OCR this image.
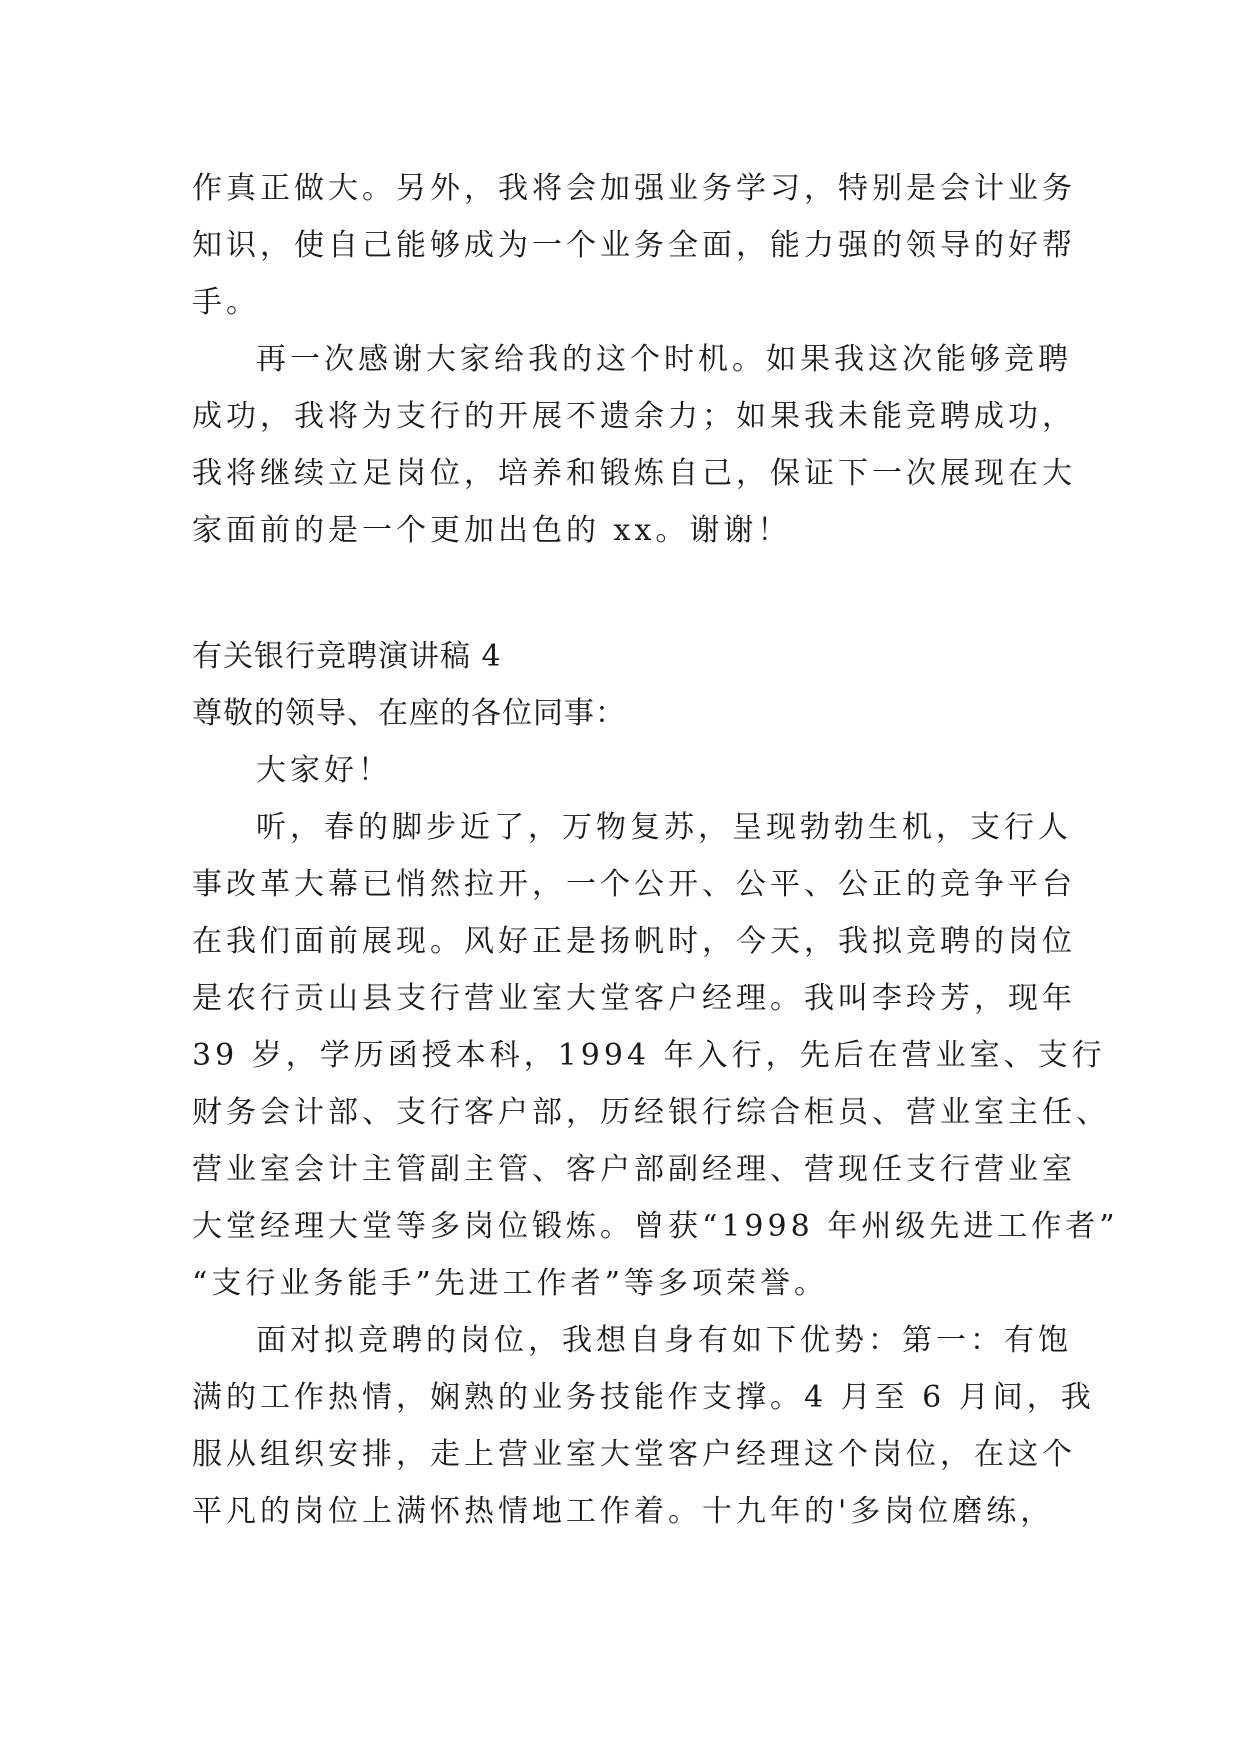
作真正做大。另外，我将会加强业务学习，特别是会计业务
知识，使自己能够成为一个业务全面，能力强的领导的好帮
手。
再一次感谢大家给我的这个时机。如果我这次能够竞聘
成功，我将为支行的开展不遗余力；如果我未能竞聘成功，
我将继续立足岗位，培养和锻炼自己，保证下一次展现在大
家面前的是一个更加出色的 xx。谢谢！
有关银行竞聘演讲稿 4
尊敬的领导、在座的各位同事：
大家好！
听，春的脚步近了，万物复苏，呈现勃勃生机，支行人
事改革大幕已悄然拉开，一个公开、公平、公正的竞争平台
在我们面前展现。风好正是扬帆时，今天，我拟竞聘的岗位
是农行贡山县支行营业室大堂客户经理。我叫李玲芳，现年
39 岁，学历函授本科，1994 年入行，先后在营业室、支行
财务会计部、支行客户部，历经银行综合柜员、营业室主任、
营业室会计主管副主管、客户部副经理、营现任支行营业室
大堂经理大堂等多岗位锻炼。曾获“1998 年州级先进工作者”
“支行业务能手”先进工作者”等多项荣誉。
面对拟竞聘的岗位，我想自身有如下优势：第一：有饱
满的工作热情，娴熟的业务技能作支撑。4 月至 6 月间，我
服从组织安排，走上营业室大堂客户经理这个岗位，在这个
平凡的岗位上满怀热情地工作着。十九年的'多岗位磨练，
